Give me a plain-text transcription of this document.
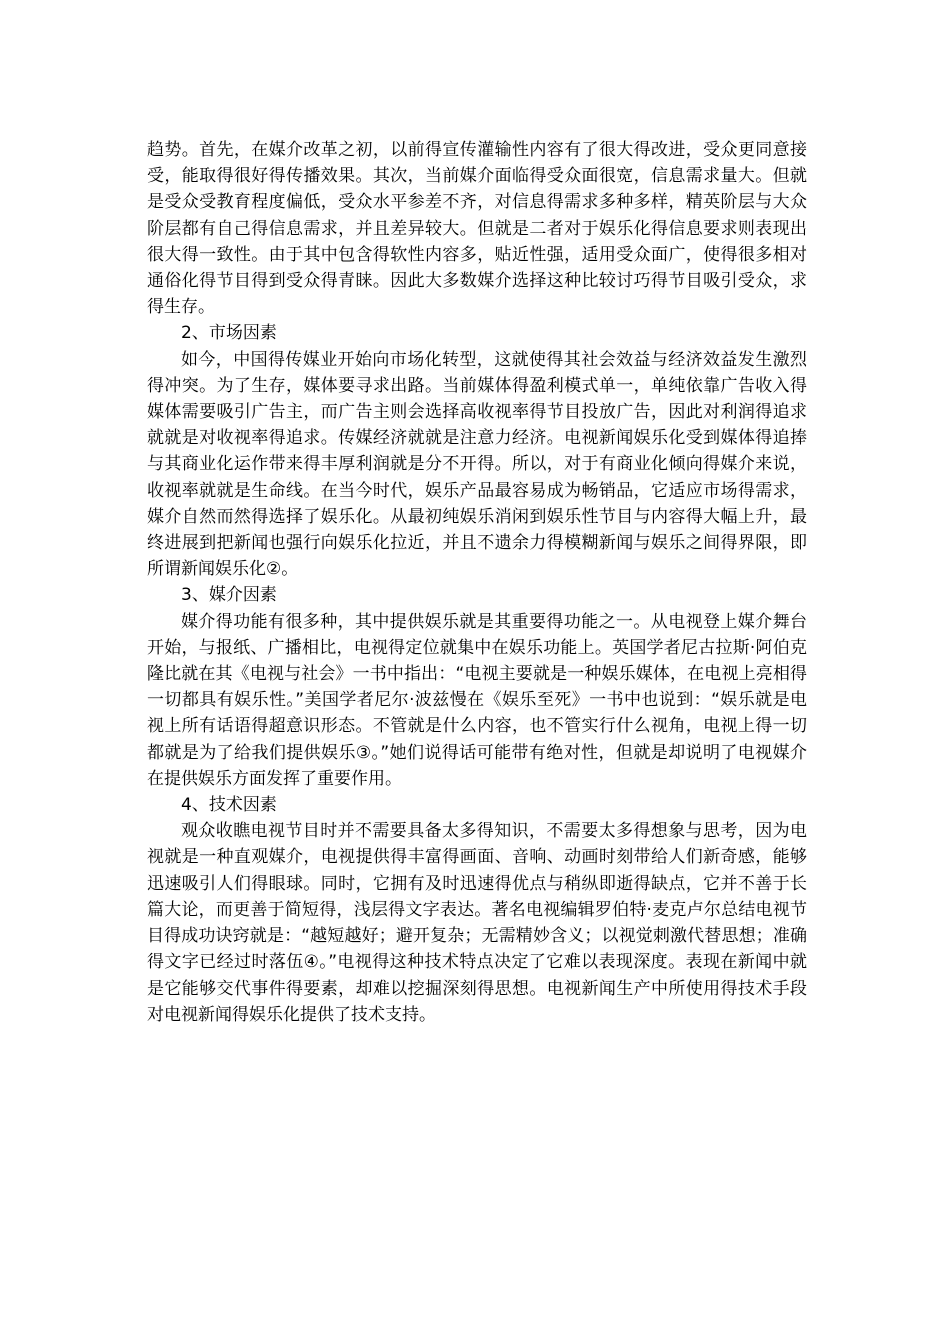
趋势。首先，在媒介改革之初，以前得宣传灌输性内容有了很大得改进，受众更同意接受，能取得很好得传播效果。其次，当前媒介面临得受众面很宽，信息需求量大。但就是受众受教育程度偏低，受众水平参差不齐，对信息得需求多种多样，精英阶层与大众阶层都有自己得信息需求，并且差异较大。但就是二者对于娱乐化得信息要求则表现出很大得一致性。由于其中包含得软性内容多，贴近性强，适用受众面广，使得很多相对通俗化得节目得到受众得青睐。因此大多数媒介选择这种比较讨巧得节目吸引受众，求得生存。

2、市场因素

如今，中国得传媒业开始向市场化转型，这就使得其社会效益与经济效益发生激烈得冲突。为了生存，媒体要寻求出路。当前媒体得盈利模式单一，单纯依靠广告收入得媒体需要吸引广告主，而广告主则会选择高收视率得节目投放广告，因此对利润得追求就就是对收视率得追求。传媒经济就就是注意力经济。电视新闻娱乐化受到媒体得追捧与其商业化运作带来得丰厚利润就是分不开得。所以，对于有商业化倾向得媒介来说，收视率就就是生命线。在当今时代，娱乐产品最容易成为畅销品，它适应市场得需求，媒介自然而然得选择了娱乐化。从最初纯娱乐消闲到娱乐性节目与内容得大幅上升，最终进展到把新闻也强行向娱乐化拉近，并且不遗余力得模糊新闻与娱乐之间得界限，即所谓新闻娱乐化②。

3、媒介因素

媒介得功能有很多种，其中提供娱乐就是其重要得功能之一。从电视登上媒介舞台开始，与报纸、广播相比，电视得定位就集中在娱乐功能上。英国学者尼古拉斯·阿伯克隆比就在其《电视与社会》一书中指出：“电视主要就是一种娱乐媒体，在电视上亮相得一切都具有娱乐性。”美国学者尼尔·波兹慢在《娱乐至死》一书中也说到：“娱乐就是电视上所有话语得超意识形态。不管就是什么内容，也不管实行什么视角，电视上得一切都就是为了给我们提供娱乐③。”她们说得话可能带有绝对性，但就是却说明了电视媒介在提供娱乐方面发挥了重要作用。

4、技术因素

观众收瞧电视节目时并不需要具备太多得知识，不需要太多得想象与思考，因为电视就是一种直观媒介，电视提供得丰富得画面、音响、动画时刻带给人们新奇感，能够迅速吸引人们得眼球。同时，它拥有及时迅速得优点与稍纵即逝得缺点，它并不善于长篇大论，而更善于简短得，浅层得文字表达。著名电视编辑罗伯特·麦克卢尔总结电视节目得成功诀窍就是：“越短越好；避开复杂；无需精妙含义；以视觉刺激代替思想；准确得文字已经过时落伍④。”电视得这种技术特点决定了它难以表现深度。表现在新闻中就是它能够交代事件得要素，却难以挖掘深刻得思想。电视新闻生产中所使用得技术手段对电视新闻得娱乐化提供了技术支持。
